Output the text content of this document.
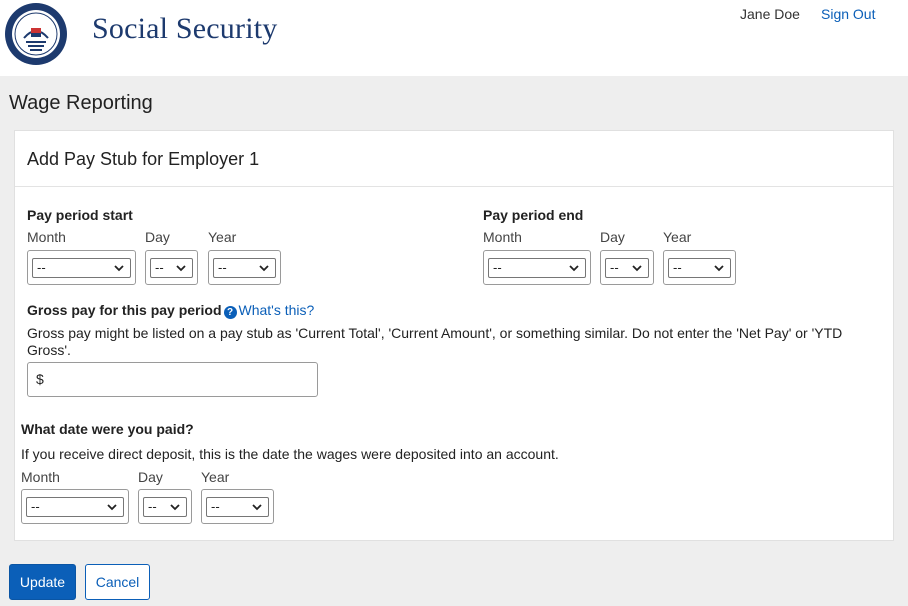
Social Security	Jane Doe Sign Out
Wage Reporting
Add Pay Stub for Employer 1
Pay period start
Month	Day	Year
--	--	--
Pay period end
Month	Day	Year
--	--	--
Gross pay for this pay period ? What's this?
Gross pay might be listed on a pay stub as 'Current Total', 'Current Amount', or something similar. Do not enter the 'Net Pay' or 'YTD Gross'.
$
What date were you paid?
If you receive direct deposit, this is the date the wages were deposited into an account.
Month	Day	Year
--	--	--
Update	Cancel
